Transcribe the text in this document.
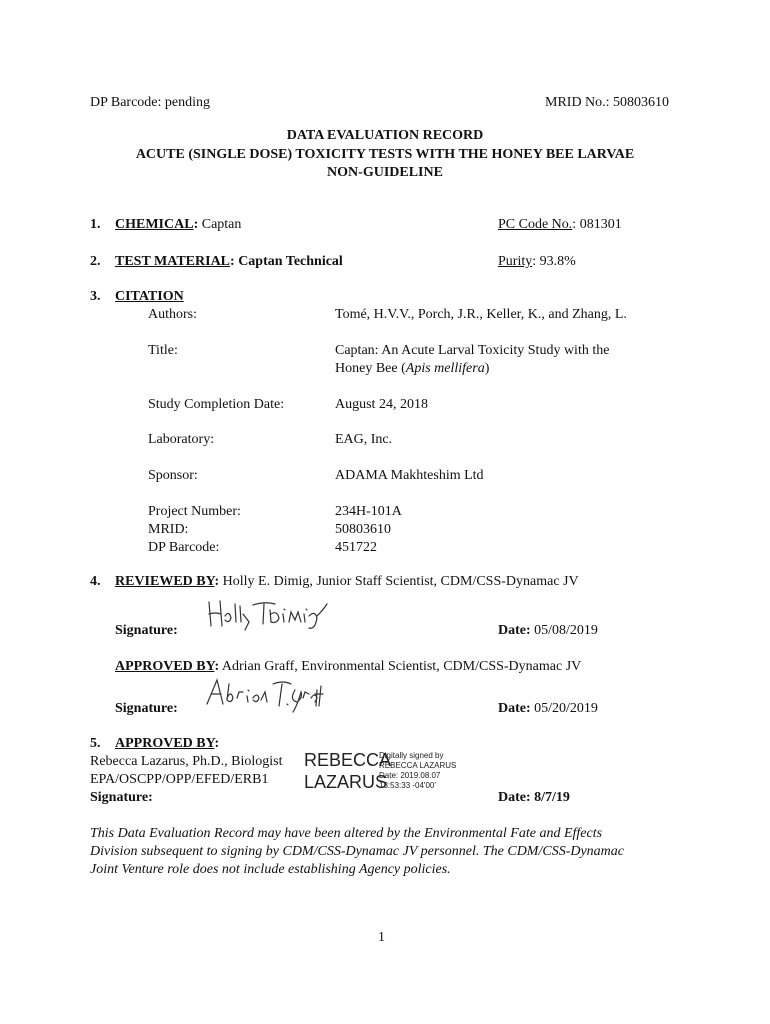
DP Barcode: pending	MRID No.: 50803610
DATA EVALUATION RECORD
ACUTE (SINGLE DOSE) TOXICITY TESTS WITH THE HONEY BEE LARVAE
NON-GUIDELINE
1. CHEMICAL: Captan	PC Code No.: 081301
2. TEST MATERIAL: Captan Technical	Purity: 93.8%
3. CITATION
Authors:	Tomé, H.V.V., Porch, J.R., Keller, K., and Zhang, L.
Title:	Captan: An Acute Larval Toxicity Study with the
Honey Bee (Apis mellifera)
Study Completion Date:	August 24, 2018
Laboratory:	EAG, Inc.
Sponsor:	ADAMA Makhteshim Ltd
Project Number:	234H-101A
MRID:	50803610
DP Barcode:	451722
4. REVIEWED BY: Holly E. Dimig, Junior Staff Scientist, CDM/CSS-Dynamac JV
Signature:	Date: 05/08/2019
APPROVED BY: Adrian Graff, Environmental Scientist, CDM/CSS-Dynamac JV
Signature:	Date: 05/20/2019
5. APPROVED BY:
Rebecca Lazarus, Ph.D., Biologist
EPA/OSCPP/OPP/EFED/ERB1
Signature:
REBECCA
LAZARUS
Digitally signed by
REBECCA LAZARUS
Date: 2019.08.07
13:53:33 -04'00'
Date: 8/7/19
This Data Evaluation Record may have been altered by the Environmental Fate and Effects
Division subsequent to signing by CDM/CSS-Dynamac JV personnel. The CDM/CSS-Dynamac
Joint Venture role does not include establishing Agency policies.
1
